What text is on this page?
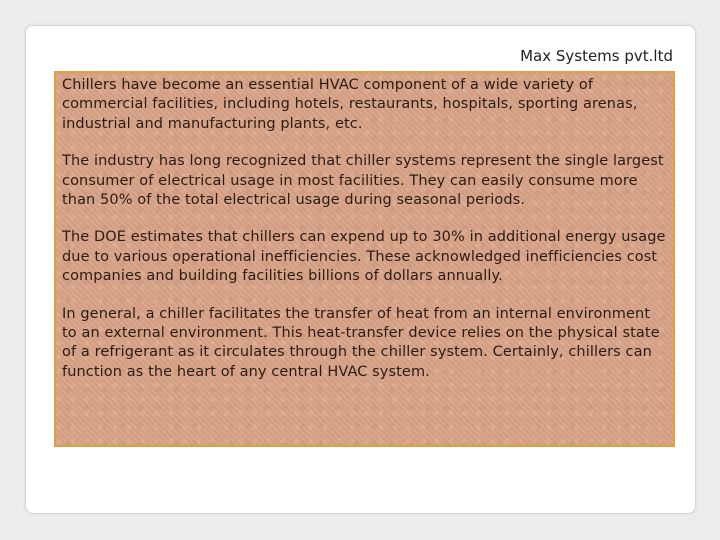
Max Systems pvt.ltd

Chillers have become an essential HVAC component of a wide variety of commercial facilities, including hotels, restaurants, hospitals, sporting arenas, industrial and manufacturing plants, etc.

The industry has long recognized that chiller systems represent the single largest consumer of electrical usage in most facilities. They can easily consume more than 50% of the total electrical usage during seasonal periods.

The DOE estimates that chillers can expend up to 30% in additional energy usage due to various operational inefficiencies. These acknowledged inefficiencies cost companies and building facilities billions of dollars annually.

In general, a chiller facilitates the transfer of heat from an internal environment to an external environment. This heat-transfer device relies on the physical state of a refrigerant as it circulates through the chiller system. Certainly, chillers can function as the heart of any central HVAC system.
